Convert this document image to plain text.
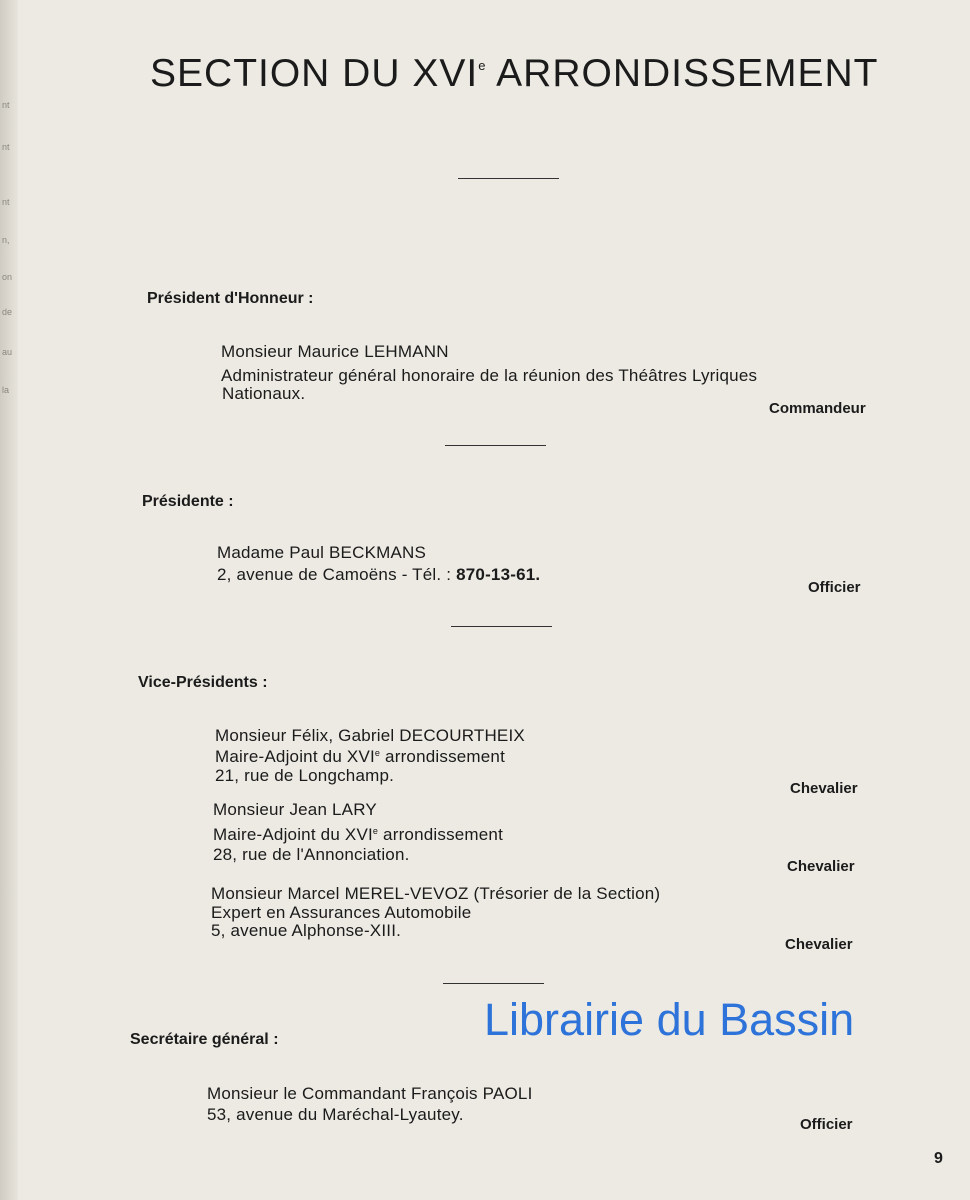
nt
nt
nt
n,
on
de
au
la
SECTION DU XVIe ARRONDISSEMENT
Président d'Honneur :
Monsieur Maurice LEHMANN
Administrateur général honoraire de la réunion des Théâtres Lyriques
Nationaux.
Commandeur
Présidente :
Madame Paul BECKMANS
2, avenue de Camoëns - Tél. : 870-13-61.
Officier
Vice-Présidents :
Monsieur Félix, Gabriel DECOURTHEIX
Maire-Adjoint du XVIe arrondissement
21, rue de Longchamp.
Chevalier
Monsieur Jean LARY
Maire-Adjoint du XVIe arrondissement
28, rue de l'Annonciation.
Chevalier
Monsieur Marcel MEREL-VEVOZ (Trésorier de la Section)
Expert en Assurances Automobile
5, avenue Alphonse-XIII.
Chevalier
Secrétaire général :
Monsieur le Commandant François PAOLI
53, avenue du Maréchal-Lyautey.
Officier
Librairie du Bassin
9
